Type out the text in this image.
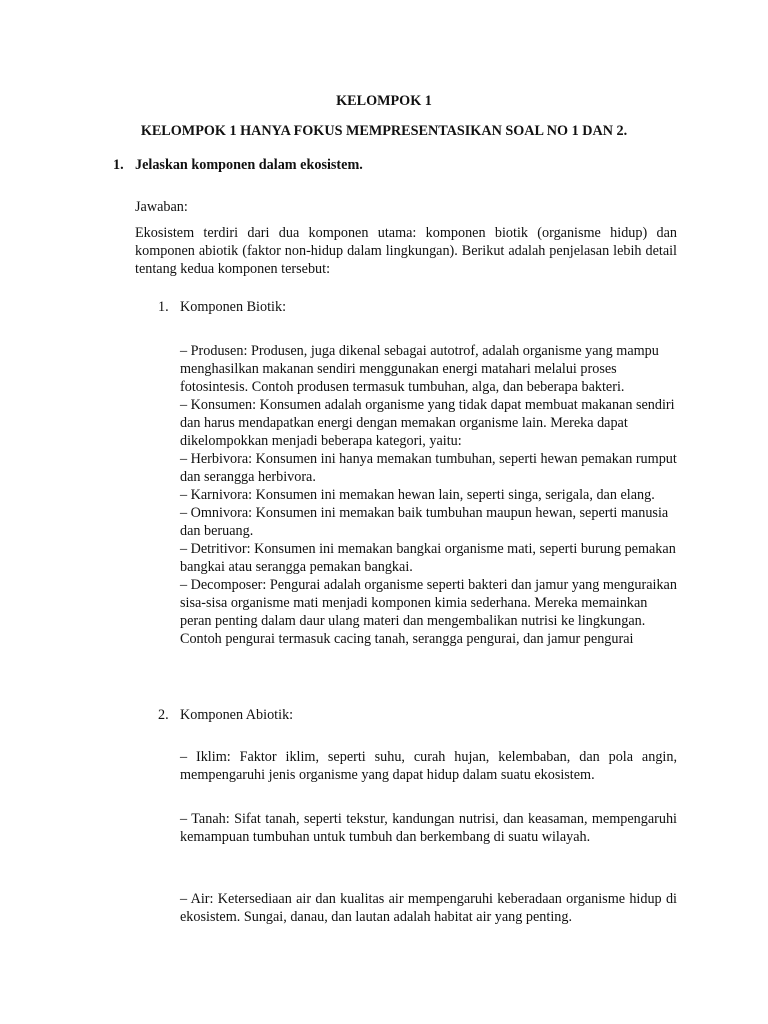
KELOMPOK 1

KELOMPOK 1 HANYA FOKUS MEMPRESENTASIKAN SOAL NO 1 DAN 2.

1. Jelaskan komponen dalam ekosistem.

Jawaban:

Ekosistem terdiri dari dua komponen utama: komponen biotik (organisme hidup) dan komponen abiotik (faktor non-hidup dalam lingkungan). Berikut adalah penjelasan lebih detail tentang kedua komponen tersebut:

1. Komponen Biotik:

– Produsen: Produsen, juga dikenal sebagai autotrof, adalah organisme yang mampu menghasilkan makanan sendiri menggunakan energi matahari melalui proses fotosintesis. Contoh produsen termasuk tumbuhan, alga, dan beberapa bakteri.

– Konsumen: Konsumen adalah organisme yang tidak dapat membuat makanan sendiri dan harus mendapatkan energi dengan memakan organisme lain. Mereka dapat dikelompokkan menjadi beberapa kategori, yaitu:

– Herbivora: Konsumen ini hanya memakan tumbuhan, seperti hewan pemakan rumput dan serangga herbivora.

– Karnivora: Konsumen ini memakan hewan lain, seperti singa, serigala, dan elang.

– Omnivora: Konsumen ini memakan baik tumbuhan maupun hewan, seperti manusia dan beruang.

– Detritivor: Konsumen ini memakan bangkai organisme mati, seperti burung pemakan bangkai atau serangga pemakan bangkai.

– Decomposer: Pengurai adalah organisme seperti bakteri dan jamur yang menguraikan sisa-sisa organisme mati menjadi komponen kimia sederhana. Mereka memainkan peran penting dalam daur ulang materi dan mengembalikan nutrisi ke lingkungan. Contoh pengurai termasuk cacing tanah, serangga pengurai, dan jamur pengurai

2. Komponen Abiotik:

– Iklim: Faktor iklim, seperti suhu, curah hujan, kelembaban, dan pola angin, mempengaruhi jenis organisme yang dapat hidup dalam suatu ekosistem.

– Tanah: Sifat tanah, seperti tekstur, kandungan nutrisi, dan keasaman, mempengaruhi kemampuan tumbuhan untuk tumbuh dan berkembang di suatu wilayah.

– Air: Ketersediaan air dan kualitas air mempengaruhi keberadaan organisme hidup di ekosistem. Sungai, danau, dan lautan adalah habitat air yang penting.
